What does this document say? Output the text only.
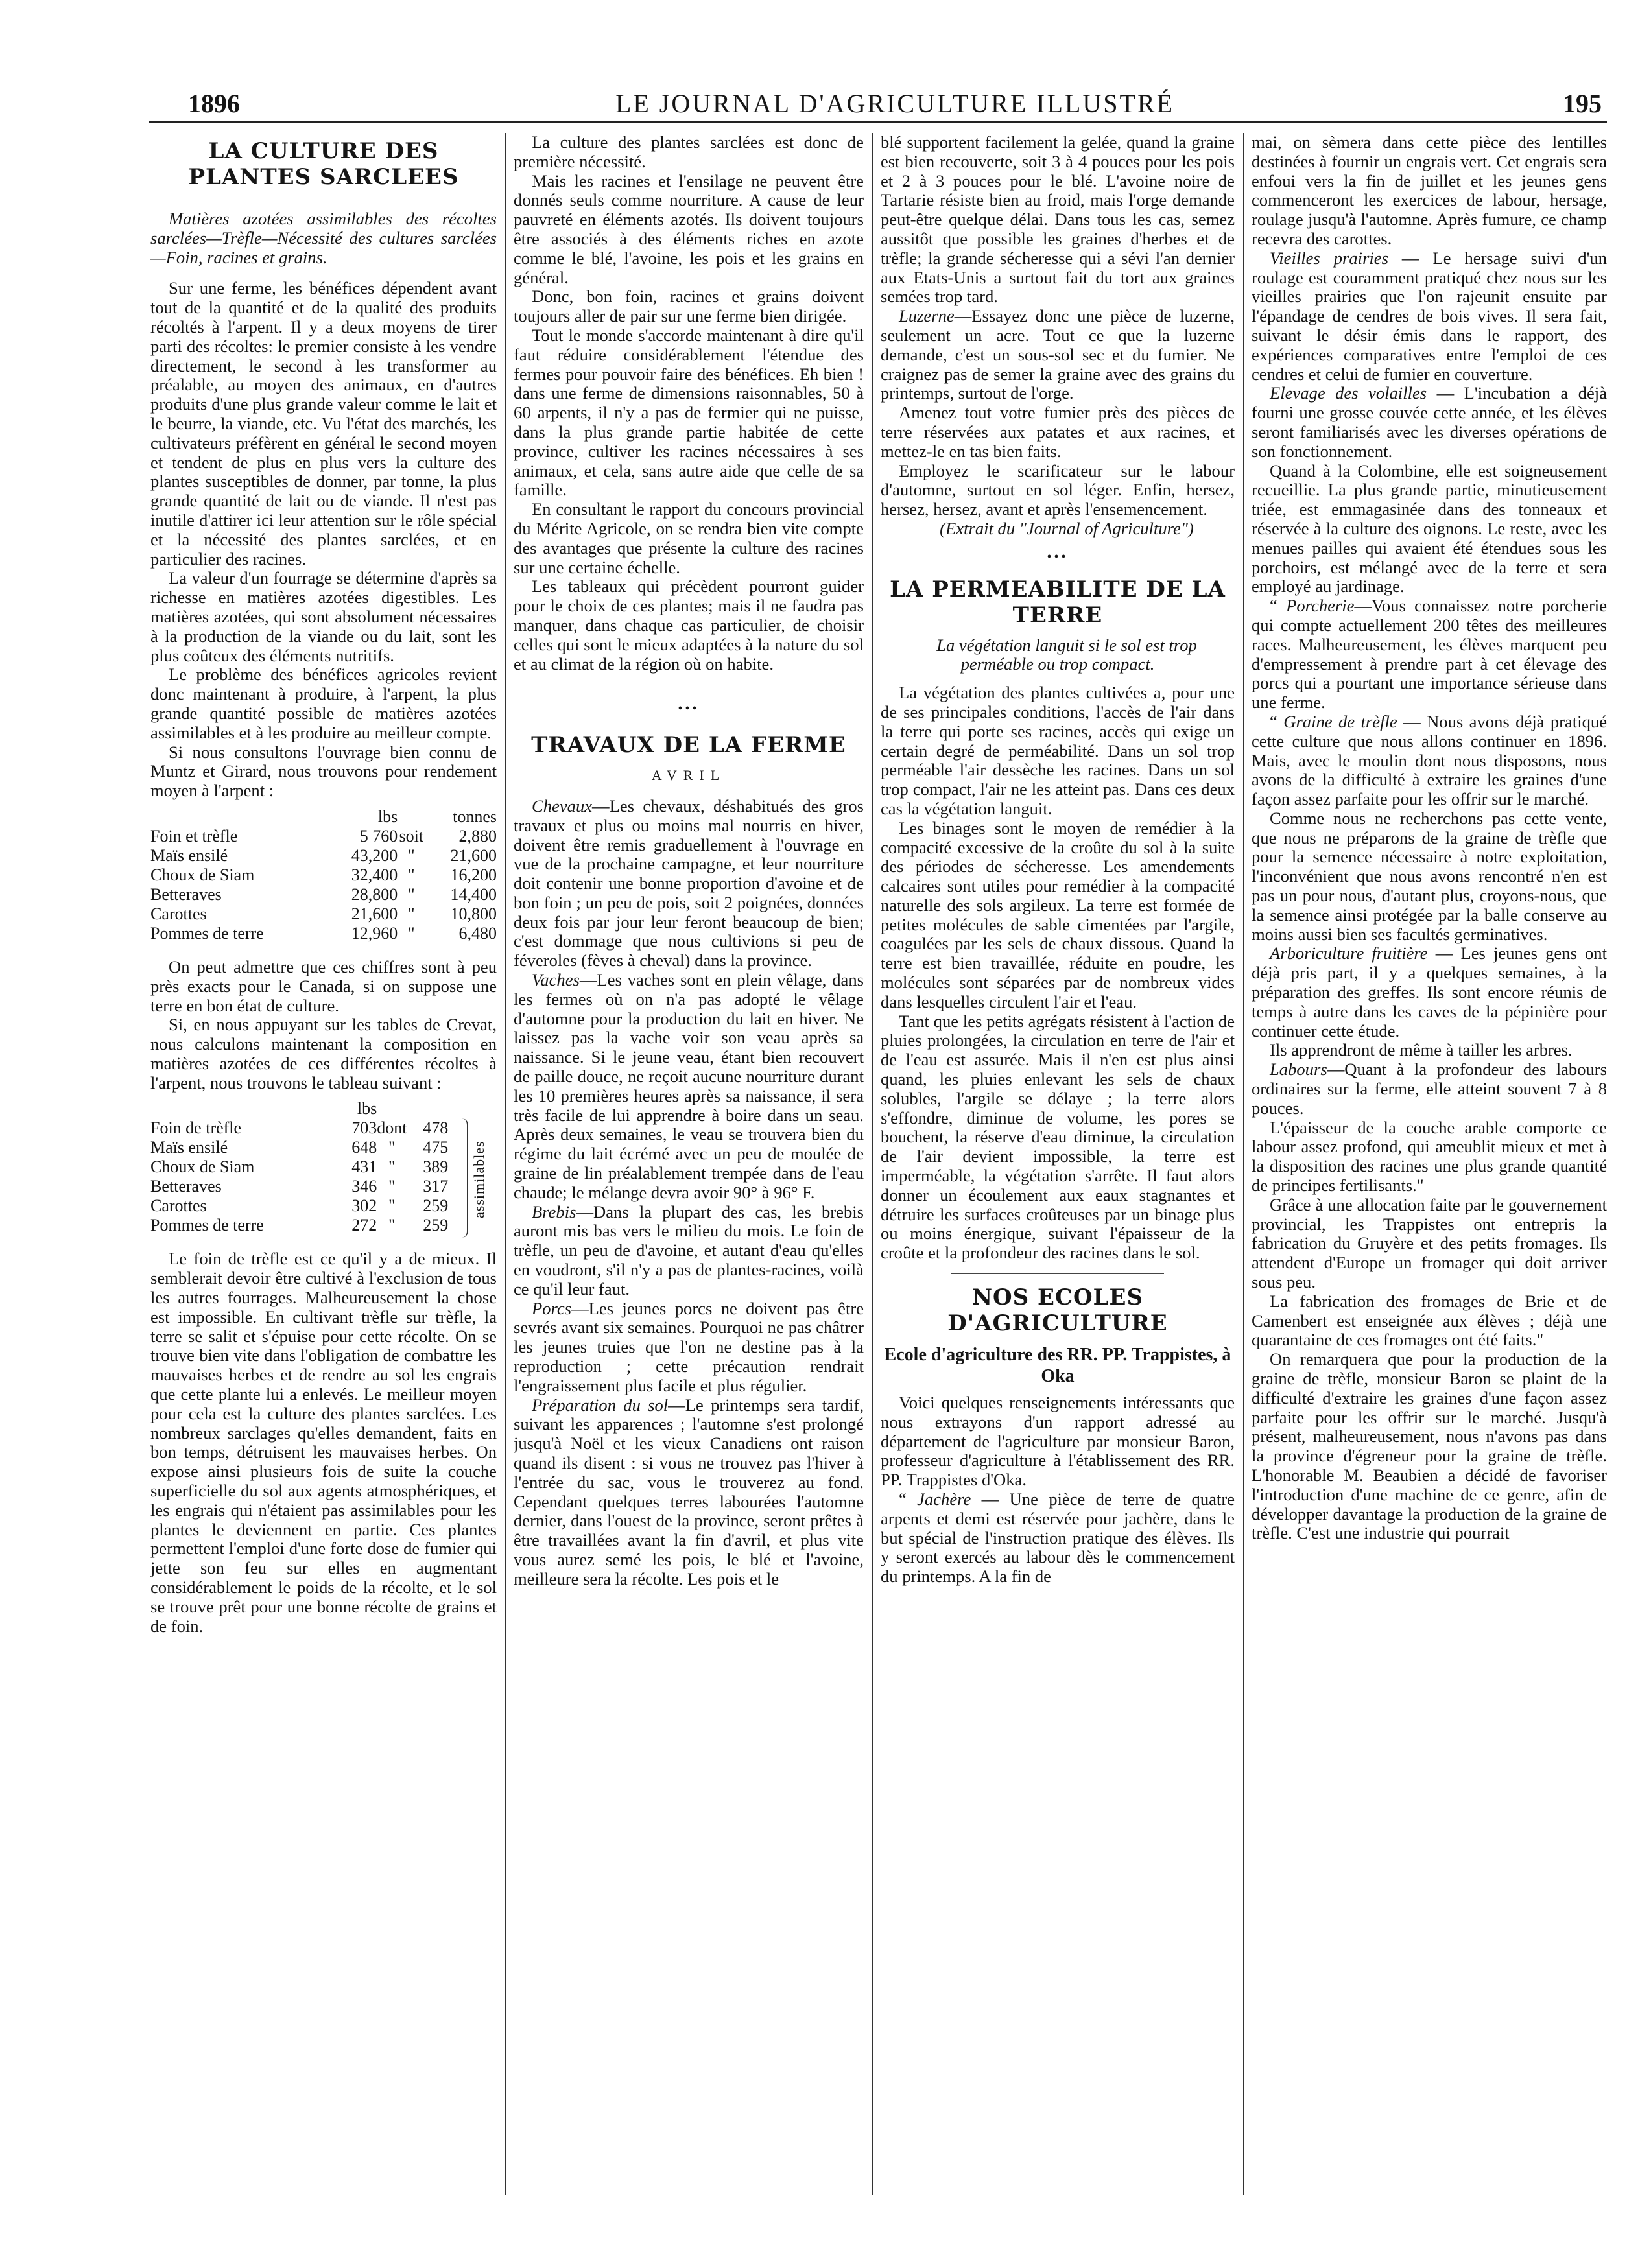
1896	LE JOURNAL D'AGRICULTURE ILLUSTRÉ	195
LA CULTURE DES PLANTES SARCLEES

Matières azotées assimilables des récoltes sarclées—Trèfle—Nécessité des cultures sarclées—Foin, racines et grains.

Sur une ferme, les bénéfices dépendent avant tout de la quantité et de la qualité des produits récoltés à l'arpent. Il y a deux moyens de tirer parti des récoltes: le premier consiste à les vendre directement, le second à les transformer au préalable, au moyen des animaux, en d'autres produits d'une plus grande valeur comme le lait et le beurre, la viande, etc. Vu l'état des marchés, les cultivateurs préfèrent en général le second moyen et tendent de plus en plus vers la culture des plantes susceptibles de donner, par tonne, la plus grande quantité de lait ou de viande. Il n'est pas inutile d'attirer ici leur attention sur le rôle spécial et la nécessité des plantes sarclées, et en particulier des racines.

La valeur d'un fourrage se détermine d'après sa richesse en matières azotées digestibles. Les matières azotées, qui sont absolument nécessaires à la production de la viande ou du lait, sont les plus coûteux des éléments nutritifs.

Le problème des bénéfices agricoles revient donc maintenant à produire, à l'arpent, la plus grande quantité possible de matières azotées assimilables et à les produire au meilleur compte.

Si nous consultons l'ouvrage bien connu de Muntz et Girard, nous trouvons pour rendement moyen à l'arpent :

	lbs		tonnes
Foin et trèfle	5 760	soit	2,880
Maïs ensilé	43,200	"	21,600
Choux de Siam	32,400	"	16,200
Betteraves	28,800	"	14,400
Carottes	21,600	"	10,800
Pommes de terre	12,960	"	6,480

On peut admettre que ces chiffres sont à peu près exacts pour le Canada, si on suppose une terre en bon état de culture.

Si, en nous appuyant sur les tables de Crevat, nous calculons maintenant la composition en matières azotées de ces différentes récoltes à l'arpent, nous trouvons le tableau suivant :

	lbs		
Foin de trèfle	703	dont	478
Maïs ensilé	648	"	475
Choux de Siam	431	"	389
Betteraves	346	"	317
Carottes	302	"	259
Pommes de terre	272	"	259
assimilables

Le foin de trèfle est ce qu'il y a de mieux. Il semblerait devoir être cultivé à l'exclusion de tous les autres fourrages. Malheureusement la chose est impossible. En cultivant trèfle sur trèfle, la terre se salit et s'épuise pour cette récolte. On se trouve bien vite dans l'obligation de combattre les mauvaises herbes et de rendre au sol les engrais que cette plante lui a enlevés. Le meilleur moyen pour cela est la culture des plantes sarclées. Les nombreux sarclages qu'elles demandent, faits en bon temps, détruisent les mauvaises herbes. On expose ainsi plusieurs fois de suite la couche superficielle du sol aux agents atmosphériques, et les engrais qui n'étaient pas assimilables pour les plantes le deviennent en partie. Ces plantes permettent l'emploi d'une forte dose de fumier qui jette son feu sur elles en augmentant considérablement le poids de la récolte, et le sol se trouve prêt pour une bonne récolte de grains et de foin.

La culture des plantes sarclées est donc de première nécessité.

Mais les racines et l'ensilage ne peuvent être donnés seuls comme nourriture. A cause de leur pauvreté en éléments azotés. Ils doivent toujours être associés à des éléments riches en azote comme le blé, l'avoine, les pois et les grains en général.

Donc, bon foin, racines et grains doivent toujours aller de pair sur une ferme bien dirigée.

Tout le monde s'accorde maintenant à dire qu'il faut réduire considérablement l'étendue des fermes pour pouvoir faire des bénéfices. Eh bien ! dans une ferme de dimensions raisonnables, 50 à 60 arpents, il n'y a pas de fermier qui ne puisse, dans la plus grande partie habitée de cette province, cultiver les racines nécessaires à ses animaux, et cela, sans autre aide que celle de sa famille.

En consultant le rapport du concours provincial du Mérite Agricole, on se rendra bien vite compte des avantages que présente la culture des racines sur une certaine échelle.

Les tableaux qui précèdent pourront guider pour le choix de ces plantes; mais il ne faudra pas manquer, dans chaque cas particulier, de choisir celles qui sont le mieux adaptées à la nature du sol et au climat de la région où on habite.

•••
TRAVAUX DE LA FERME
AVRIL

Chevaux—Les chevaux, déshabitués des gros travaux et plus ou moins mal nourris en hiver, doivent être remis graduellement à l'ouvrage en vue de la prochaine campagne, et leur nourriture doit contenir une bonne proportion d'avoine et de bon foin ; un peu de pois, soit 2 poignées, données deux fois par jour leur feront beaucoup de bien; c'est dommage que nous cultivions si peu de féveroles (fèves à cheval) dans la province.

Vaches—Les vaches sont en plein vêlage, dans les fermes où on n'a pas adopté le vêlage d'automne pour la production du lait en hiver. Ne laissez pas la vache voir son veau après sa naissance. Si le jeune veau, étant bien recouvert de paille douce, ne reçoit aucune nourriture durant les 10 premières heures après sa naissance, il sera très facile de lui apprendre à boire dans un seau. Après deux semaines, le veau se trouvera bien du régime du lait écrémé avec un peu de moulée de graine de lin préalablement trempée dans de l'eau chaude; le mélange devra avoir 90° à 96° F.

Brebis—Dans la plupart des cas, les brebis auront mis bas vers le milieu du mois. Le foin de trèfle, un peu de d'avoine, et autant d'eau qu'elles en voudront, s'il n'y a pas de plantes-racines, voilà ce qu'il leur faut.

Porcs—Les jeunes porcs ne doivent pas être sevrés avant six semaines. Pourquoi ne pas châtrer les jeunes truies que l'on ne destine pas à la reproduction ; cette précaution rendrait l'engraissement plus facile et plus régulier.

Préparation du sol—Le printemps sera tardif, suivant les apparences ; l'automne s'est prolongé jusqu'à Noël et les vieux Canadiens ont raison quand ils disent : si vous ne trouvez pas l'hiver à l'entrée du sac, vous le trouverez au fond. Cependant quelques terres labourées l'automne dernier, dans l'ouest de la province, seront prêtes à être travaillées avant la fin d'avril, et plus vite vous aurez semé les pois, le blé et l'avoine, meilleure sera la récolte. Les pois et le

blé supportent facilement la gelée, quand la graine est bien recouverte, soit 3 à 4 pouces pour les pois et 2 à 3 pouces pour le blé. L'avoine noire de Tartarie résiste bien au froid, mais l'orge demande peut-être quelque délai. Dans tous les cas, semez aussitôt que possible les graines d'herbes et de trèfle; la grande sécheresse qui a sévi l'an dernier aux Etats-Unis a surtout fait du tort aux graines semées trop tard.

Luzerne—Essayez donc une pièce de luzerne, seulement un acre. Tout ce que la luzerne demande, c'est un sous-sol sec et du fumier. Ne craignez pas de semer la graine avec des grains du printemps, surtout de l'orge.

Amenez tout votre fumier près des pièces de terre réservées aux patates et aux racines, et mettez-le en tas bien faits.

Employez le scarificateur sur le labour d'automne, surtout en sol léger. Enfin, hersez, hersez, hersez, avant et après l'ensemencement.

(Extrait du "Journal of Agriculture")

•••
LA PERMEABILITE DE LA TERRE

La végétation languit si le sol est trop perméable ou trop compact.

La végétation des plantes cultivées a, pour une de ses principales conditions, l'accès de l'air dans la terre qui porte ses racines, accès qui exige un certain degré de perméabilité. Dans un sol trop perméable l'air dessèche les racines. Dans un sol trop compact, l'air ne les atteint pas. Dans ces deux cas la végétation languit.

Les binages sont le moyen de remédier à la compacité excessive de la croûte du sol à la suite des périodes de sécheresse. Les amendements calcaires sont utiles pour remédier à la compacité naturelle des sols argileux. La terre est formée de petites molécules de sable cimentées par l'argile, coagulées par les sels de chaux dissous. Quand la terre est bien travaillée, réduite en poudre, les molécules sont séparées par de nombreux vides dans lesquelles circulent l'air et l'eau.

Tant que les petits agrégats résistent à l'action de pluies prolongées, la circulation en terre de l'air et de l'eau est assurée. Mais il n'en est plus ainsi quand, les pluies enlevant les sels de chaux solubles, l'argile se délaye ; la terre alors s'effondre, diminue de volume, les pores se bouchent, la réserve d'eau diminue, la circulation de l'air devient impossible, la terre est imperméable, la végétation s'arrête. Il faut alors donner un écoulement aux eaux stagnantes et détruire les surfaces croûteuses par un binage plus ou moins énergique, suivant l'épaisseur de la croûte et la profondeur des racines dans le sol.

NOS ECOLES D'AGRICULTURE
Ecole d'agriculture des RR. PP. Trappistes, à Oka

Voici quelques renseignements intéressants que nous extrayons d'un rapport adressé au département de l'agriculture par monsieur Baron, professeur d'agriculture à l'établissement des RR. PP. Trappistes d'Oka.

“ Jachère — Une pièce de terre de quatre arpents et demi est réservée pour jachère, dans le but spécial de l'instruction pratique des élèves. Ils y seront exercés au labour dès le commencement du printemps. A la fin de

mai, on sèmera dans cette pièce des lentilles destinées à fournir un engrais vert. Cet engrais sera enfoui vers la fin de juillet et les jeunes gens commenceront les exercices de labour, hersage, roulage jusqu'à l'automne. Après fumure, ce champ recevra des carottes.

Vieilles prairies — Le hersage suivi d'un roulage est couramment pratiqué chez nous sur les vieilles prairies que l'on rajeunit ensuite par l'épandage de cendres de bois vives. Il sera fait, suivant le désir émis dans le rapport, des expériences comparatives entre l'emploi de ces cendres et celui de fumier en couverture.

Elevage des volailles — L'incubation a déjà fourni une grosse couvée cette année, et les élèves seront familiarisés avec les diverses opérations de son fonctionnement.

Quand à la Colombine, elle est soigneusement recueillie. La plus grande partie, minutieusement triée, est emmagasinée dans des tonneaux et réservée à la culture des oignons. Le reste, avec les menues pailles qui avaient été étendues sous les porchoirs, est mélangé avec de la terre et sera employé au jardinage.

“ Porcherie—Vous connaissez notre porcherie qui compte actuellement 200 têtes des meilleures races. Malheureusement, les élèves marquent peu d'empressement à prendre part à cet élevage des porcs qui a pourtant une importance sérieuse dans une ferme.

“ Graine de trèfle — Nous avons déjà pratiqué cette culture que nous allons continuer en 1896. Mais, avec le moulin dont nous disposons, nous avons de la difficulté à extraire les graines d'une façon assez parfaite pour les offrir sur le marché.

Comme nous ne recherchons pas cette vente, que nous ne préparons de la graine de trèfle que pour la semence nécessaire à notre exploitation, l'inconvénient que nous avons rencontré n'en est pas un pour nous, d'autant plus, croyons-nous, que la semence ainsi protégée par la balle conserve au moins aussi bien ses facultés germinatives.

Arboriculture fruitière — Les jeunes gens ont déjà pris part, il y a quelques semaines, à la préparation des greffes. Ils sont encore réunis de temps à autre dans les caves de la pépinière pour continuer cette étude.

Ils apprendront de même à tailler les arbres.

Labours—Quant à la profondeur des labours ordinaires sur la ferme, elle atteint souvent 7 à 8 pouces.

L'épaisseur de la couche arable comporte ce labour assez profond, qui ameublit mieux et met à la disposition des racines une plus grande quantité de principes fertilisants."

Grâce à une allocation faite par le gouvernement provincial, les Trappistes ont entrepris la fabrication du Gruyère et des petits fromages. Ils attendent d'Europe un fromager qui doit arriver sous peu.

La fabrication des fromages de Brie et de Camenbert est enseignée aux élèves ; déjà une quarantaine de ces fromages ont été faits."

On remarquera que pour la production de la graine de trèfle, monsieur Baron se plaint de la difficulté d'extraire les graines d'une façon assez parfaite pour les offrir sur le marché. Jusqu'à présent, malheureusement, nous n'avons pas dans la province d'égreneur pour la graine de trèfle. L'honorable M. Beaubien a décidé de favoriser l'introduction d'une machine de ce genre, afin de développer davantage la production de la graine de trèfle. C'est une industrie qui pourrait
